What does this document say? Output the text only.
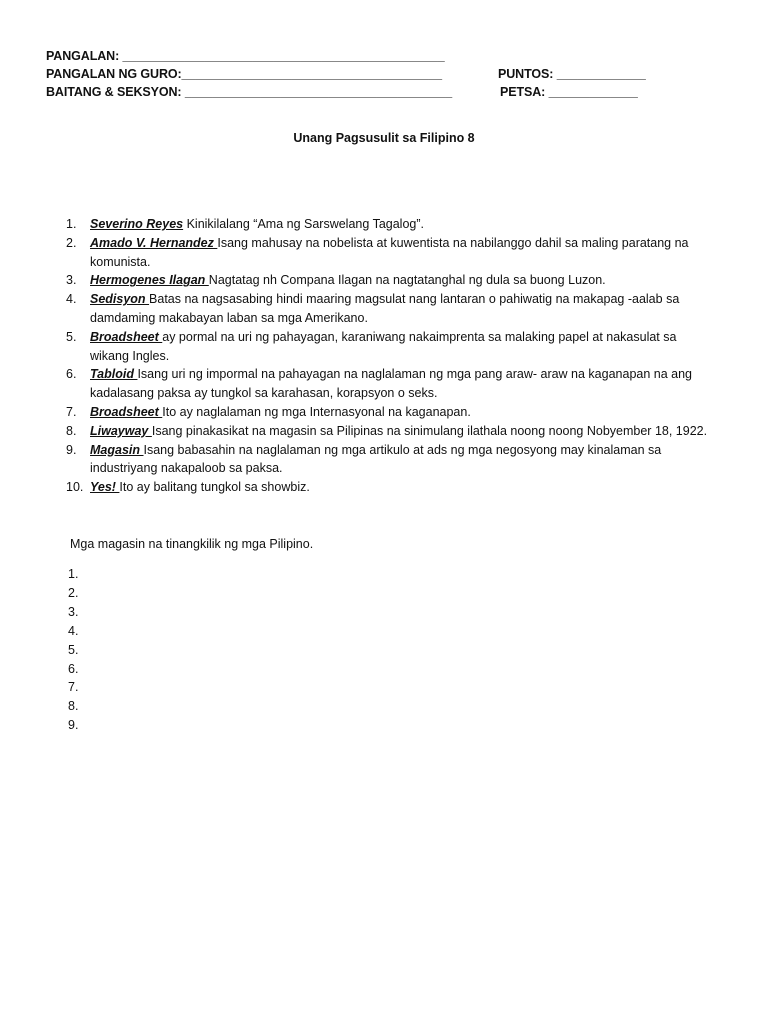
PANGALAN: _______________________________________________
PANGALAN NG GURO:______________________________________
BAITANG & SEKSYON: _______________________________________
PUNTOS: _____________
PETSA: _____________
Unang Pagsusulit sa Filipino 8
1. Severino Reyes Kinikilalang “Ama ng Sarswelang Tagalog”.
2. Amado V. Hernandez Isang mahusay na nobelista at kuwentista na nabilanggo dahil sa maling paratang na komunista.
3. Hermogenes Ilagan Nagtatag nh Compana Ilagan na nagtatanghal ng dula sa buong Luzon.
4. Sedisyon Batas na nagsasabing hindi maaring magsulat nang lantaran o pahiwatig na makapag -aalab sa damdaming makabayan laban sa mga Amerikano.
5. Broadsheet ay pormal na uri ng pahayagan, karaniwang nakaimprenta sa malaking papel at nakasulat sa wikang Ingles.
6. Tabloid Isang uri ng impormal na pahayagan na naglalaman ng mga pang araw- araw na kaganapan na ang kadalasang paksa ay tungkol sa karahasan, korapsyon o seks.
7. Broadsheet Ito ay naglalaman ng mga Internasyonal na kaganapan.
8. Liwayway Isang pinakasikat na magasin sa Pilipinas na sinimulang ilathala noong noong Nobyember 18, 1922.
9. Magasin Isang babasahin na naglalaman ng mga artikulo at ads ng mga negosyong may kinalaman sa industriyang nakapaloob sa paksa.
10. Yes! Ito ay balitang tungkol sa showbiz.
Mga magasin na tinangkilik ng mga Pilipino.
1.
2.
3.
4.
5.
6.
7.
8.
9.
